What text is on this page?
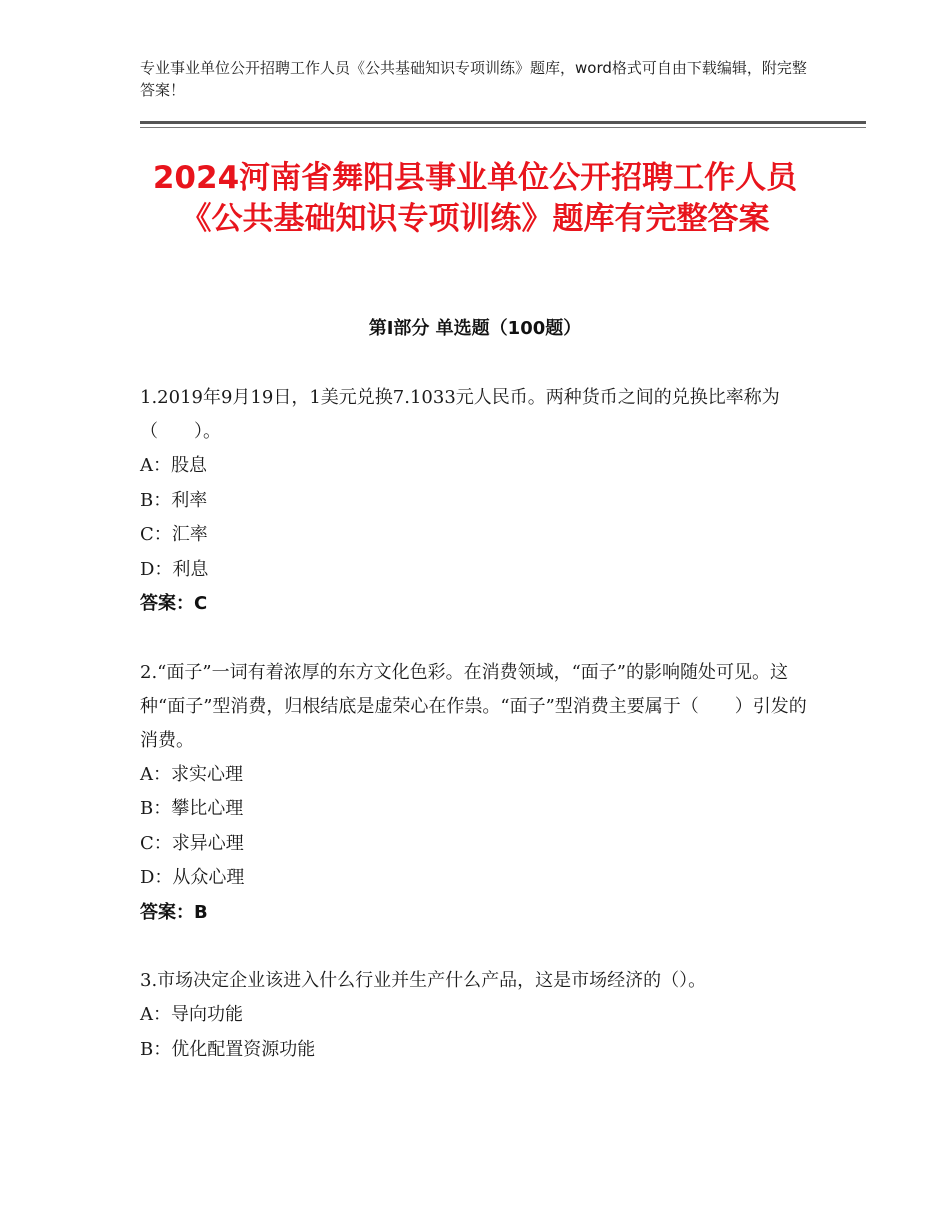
专业事业单位公开招聘工作人员《公共基础知识专项训练》题库，word格式可自由下载编辑，附完整答案！
2024河南省舞阳县事业单位公开招聘工作人员《公共基础知识专项训练》题库有完整答案
第Ⅰ部分 单选题（100题）

1.2019年9月19日，1美元兑换7.1033元人民币。两种货币之间的兑换比率称为（　　）。

A：股息

B：利率

C：汇率

D：利息

答案：C

2.“面子”一词有着浓厚的东方文化色彩。在消费领域，“面子”的影响随处可见。这种“面子”型消费，归根结底是虚荣心在作祟。“面子”型消费主要属于（　　）引发的消费。

A：求实心理

B：攀比心理

C：求异心理

D：从众心理

答案：B

3.市场决定企业该进入什么行业并生产什么产品，这是市场经济的（）。

A：导向功能

B：优化配置资源功能
